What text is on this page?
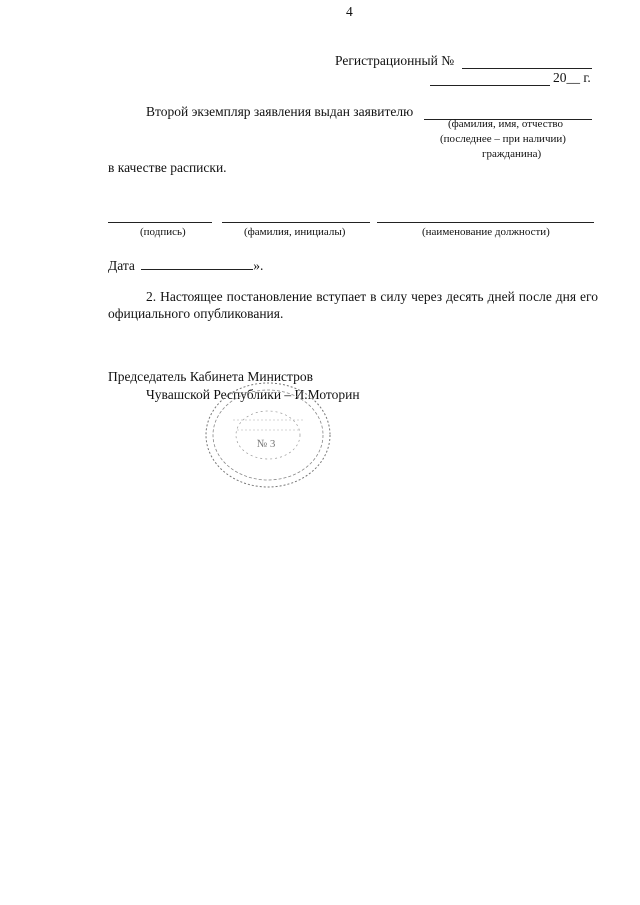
4
Регистрационный №
20__ г.
Второй экземпляр заявления выдан заявителю
(фамилия, имя, отчество
(последнее – при наличии)
гражданина)
в качестве расписки.
(подпись)	(фамилия, инициалы)	(наименование должности)
Дата	».
2. Настоящее постановление вступает в силу через десять дней после дня его официального опубликования.
Председатель Кабинета Министров
Чувашской Республики – И.Моторин
№ 3
